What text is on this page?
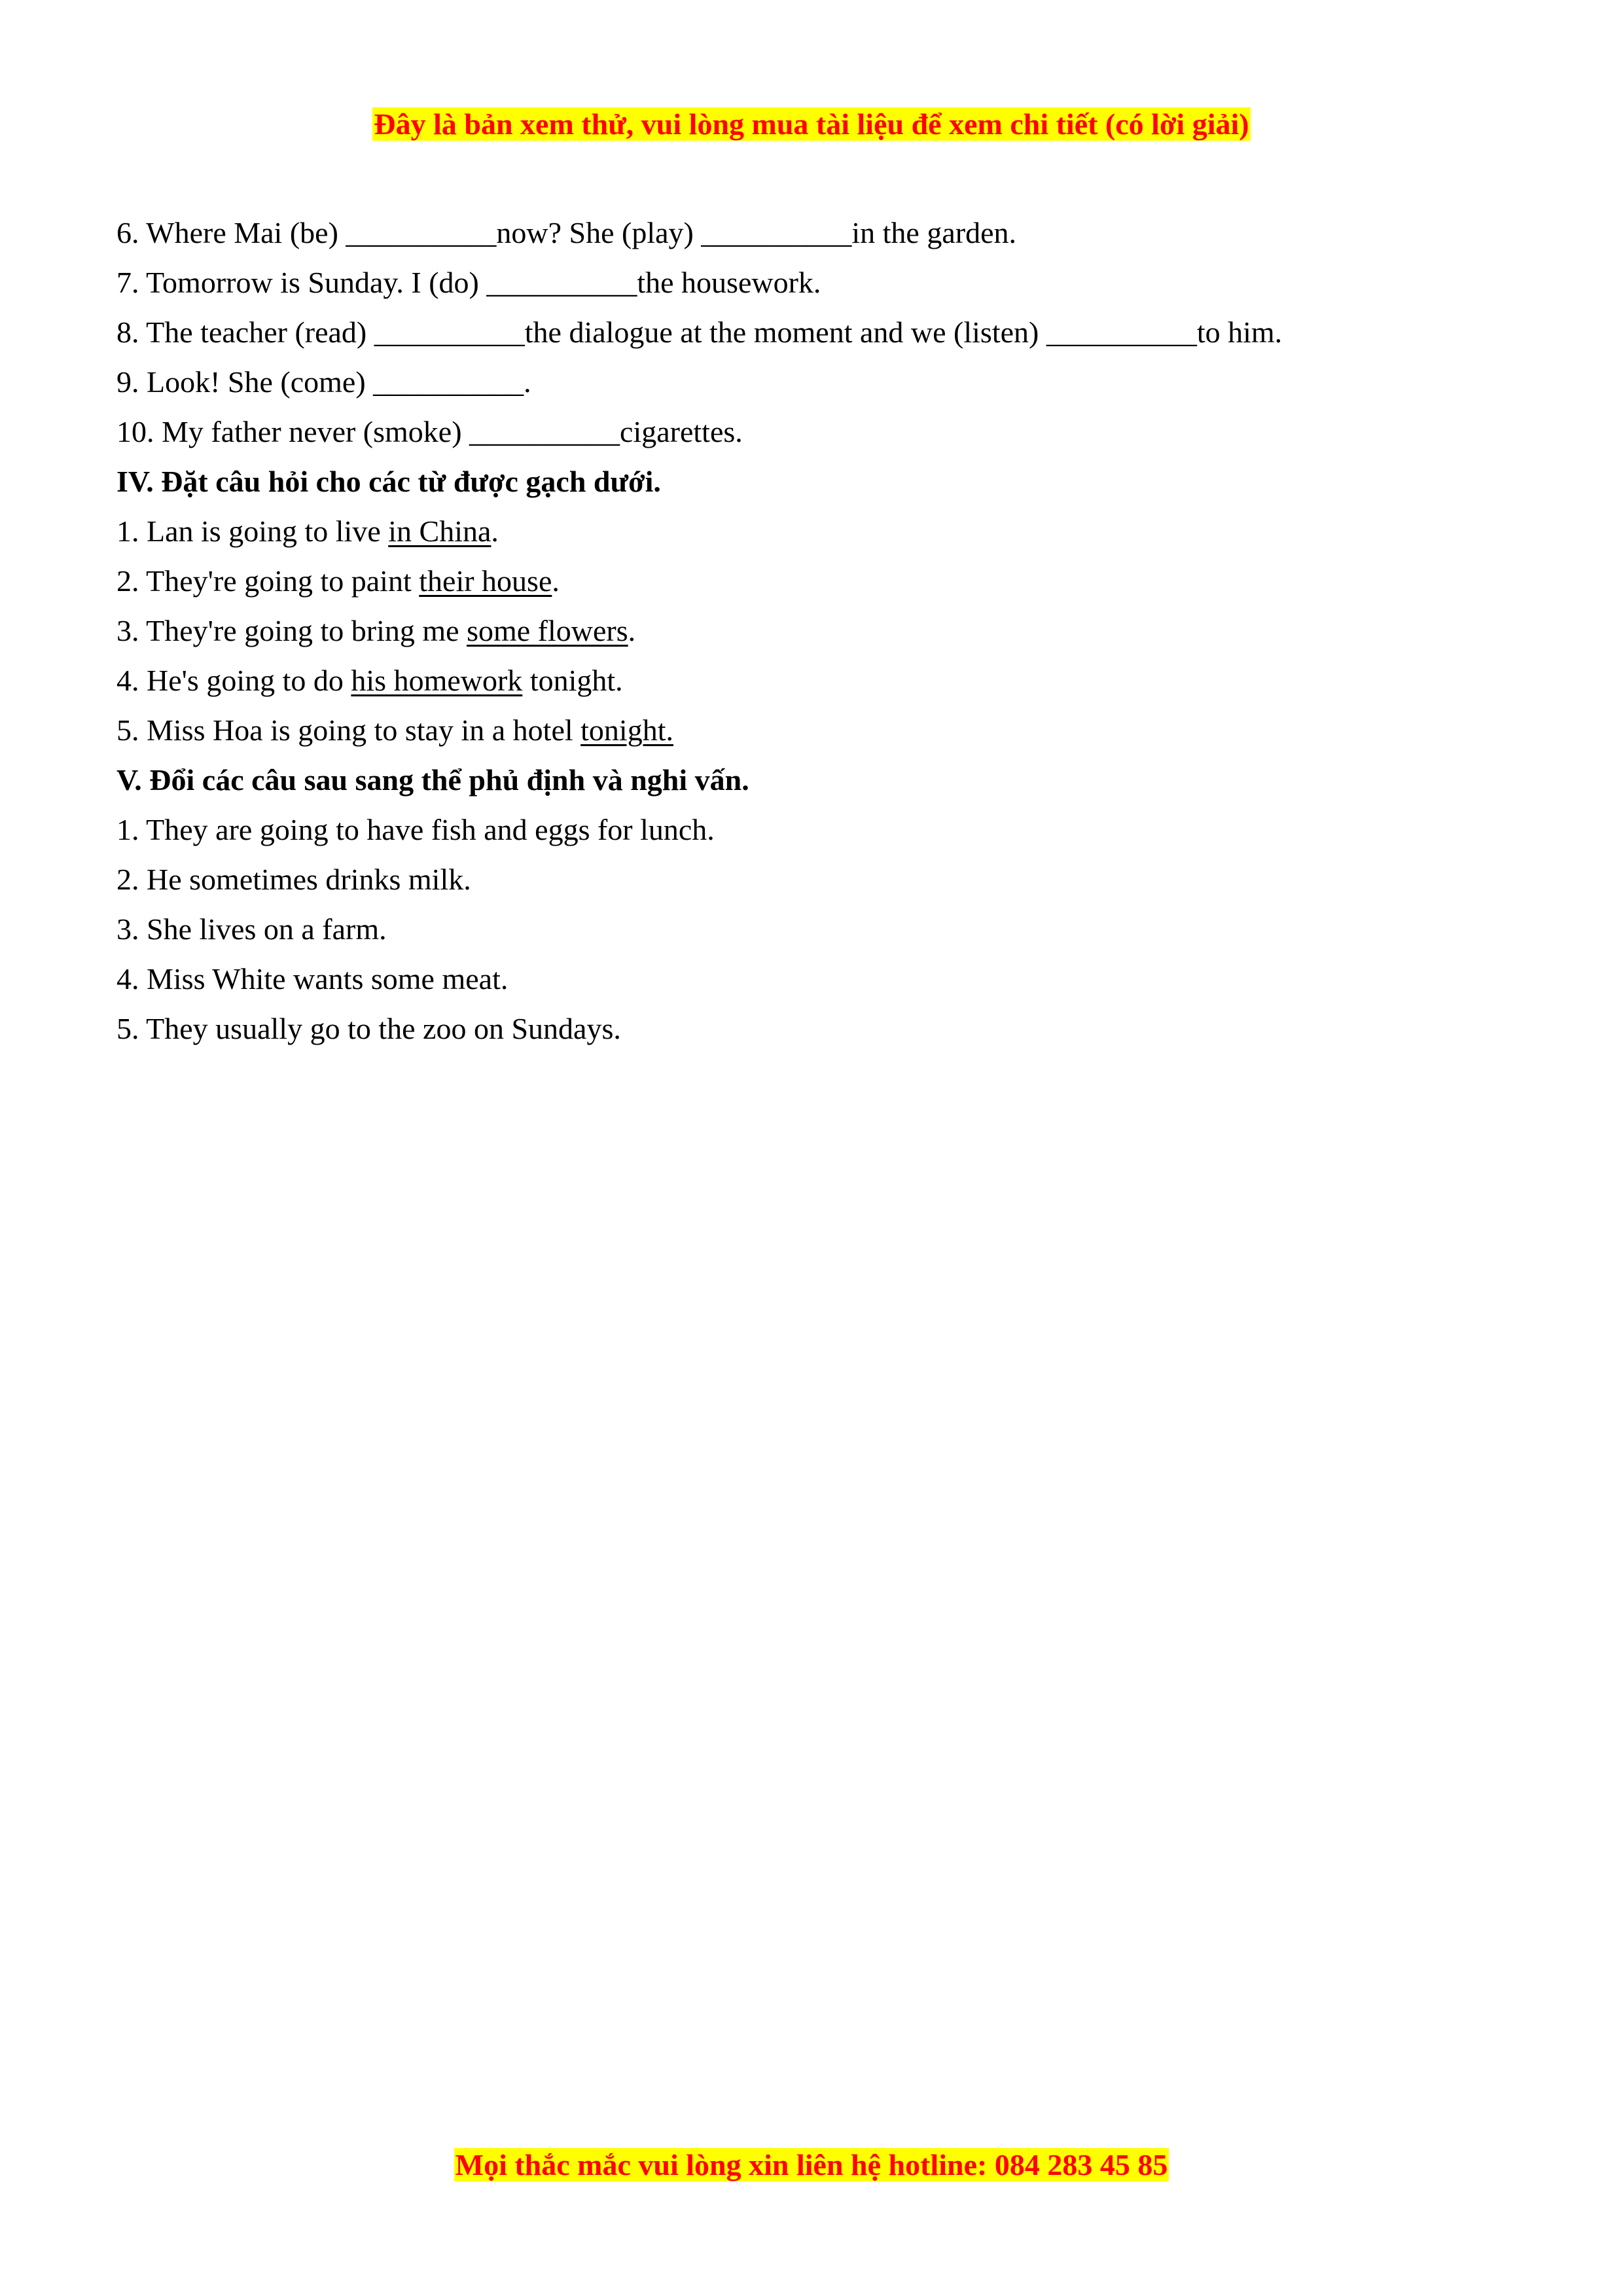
Đây là bản xem thử, vui lòng mua tài liệu để xem chi tiết (có lời giải)
6. Where Mai (be) __________now? She (play) __________in the garden.
7. Tomorrow is Sunday. I (do) __________the housework.
8. The teacher (read) __________the dialogue at the moment and we (listen) __________to him.
9. Look! She (come) __________.
10. My father never (smoke) __________cigarettes.
IV. Đặt câu hỏi cho các từ được gạch dưới.
1. Lan is going to live in China.
2. They're going to paint their house.
3. They're going to bring me some flowers.
4. He's going to do his homework tonight.
5. Miss Hoa is going to stay in a hotel tonight.
V. Đổi các câu sau sang thể phủ định và nghi vấn.
1. They are going to have fish and eggs for lunch.
2. He sometimes drinks milk.
3. She lives on a farm.
4. Miss White wants some meat.
5. They usually go to the zoo on Sundays.
Mọi thắc mắc vui lòng xin liên hệ hotline: 084 283 45 85
